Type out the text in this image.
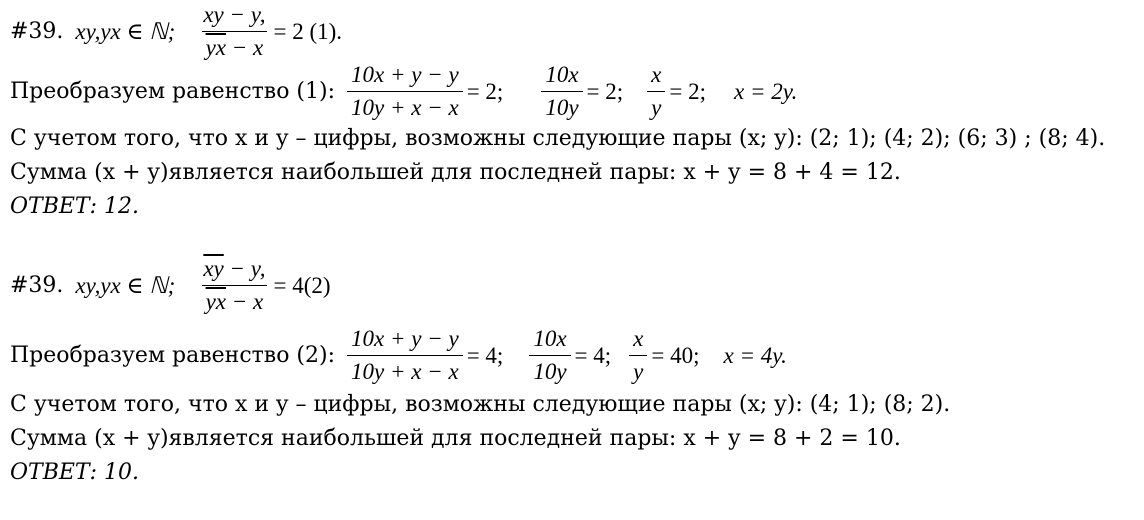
#39. xy,yx ∈ ℕ; $\frac{xy - y,}{\overline{yx} - x} = 2$ (1).
Преобразуем равенство (1): $\frac{10x + y - y}{10y + x - x} = 2$; $\frac{10x}{10y} = 2$; $\frac{x}{y} = 2$; x = 2y.
С учетом того, что x и y – цифры, возможны следующие пары (x; y): (2; 1); (4; 2); (6; 3) ; (8; 4).
Сумма (x + y)является наибольшей для последней пары: x + y = 8 + 4 = 12.
ОТВЕТ: 12.
#39. xy,yx ∈ ℕ; $\frac{\overline{xy} - y,}{\overline{yx} - x} = 4(2)$
Преобразуем равенство (2): $\frac{10x + y - y}{10y + x - x} = 4$; $\frac{10x}{10y} = 4$; $\frac{x}{y} = 40$; x = 4y.
С учетом того, что x и y – цифры, возможны следующие пары (x; y): (4; 1); (8; 2).
Сумма (x + y)является наибольшей для последней пары: x + y = 8 + 2 = 10.
ОТВЕТ: 10.
